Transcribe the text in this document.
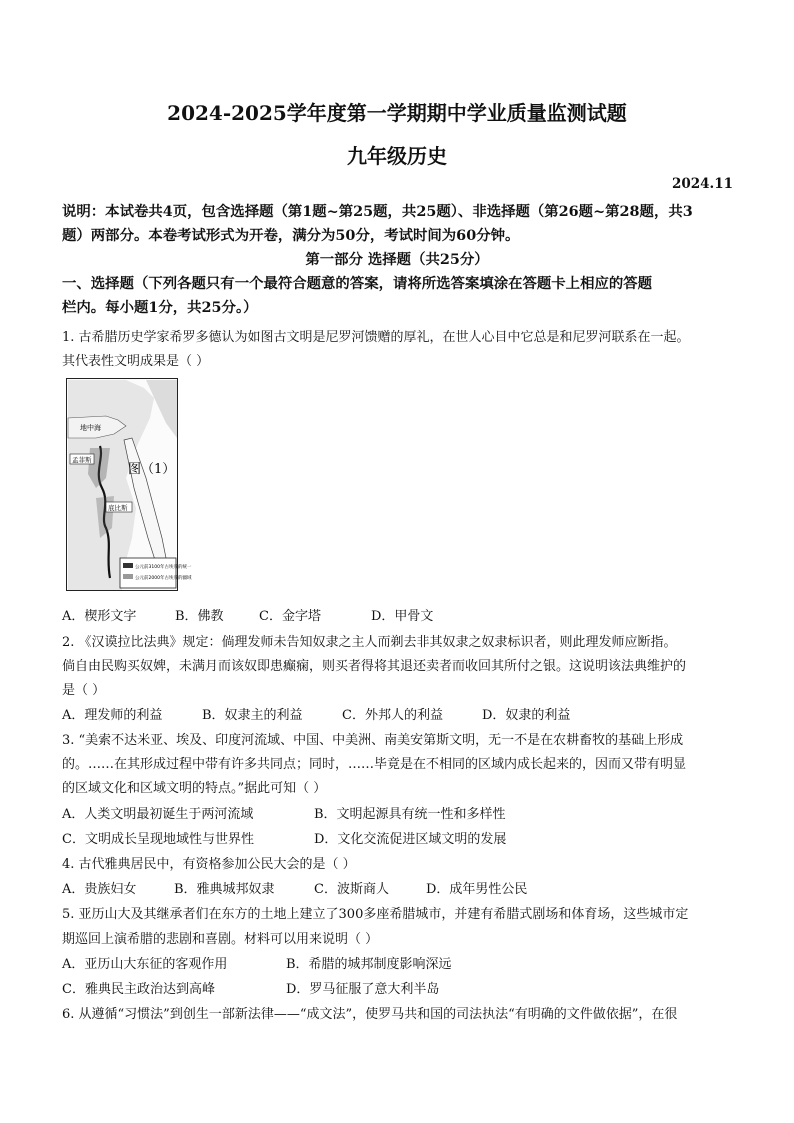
2024-2025学年度第一学期期中学业质量监测试题
九年级历史
2024.11
说明：本试卷共4页，包含选择题（第1题~第25题，共25题）、非选择题（第26题~第28题，共3
题）两部分。本卷考试形式为开卷，满分为50分，考试时间为60分钟。
第一部分 选择题（共25分）
一、选择题（下列各题只有一个最符合题意的答案，请将所选答案填涂在答题卡上相应的答题
栏内。每小题1分，共25分。）
1. 古希腊历史学家希罗多德认为如图古文明是尼罗河馈赠的厚礼，在世人心目中它总是和尼罗河联系在一起。
其代表性文明成果是（ ）
公元前3100年古埃及的统一
公元前2000年古埃及的疆域
地中海
孟菲斯
底比斯
图（1）
A．楔形文字	B．佛教	C．金字塔	D．甲骨文
2. 《汉谟拉比法典》规定：倘理发师未告知奴隶之主人而剃去非其奴隶之奴隶标识者，则此理发师应断指。
倘自由民购买奴婢，未满月而该奴即患癫痫，则买者得将其退还卖者而收回其所付之银。这说明该法典维护的
是（ ）
A．理发师的利益	B．奴隶主的利益	C．外邦人的利益	D．奴隶的利益
3. “美索不达米亚、埃及、印度河流域、中国、中美洲、南美安第斯文明，无一不是在农耕畜牧的基础上形成
的。……在其形成过程中带有许多共同点；同时，……毕竟是在不相同的区域内成长起来的，因而又带有明显
的区域文化和区域文明的特点。”据此可知（ ）
A．人类文明最初诞生于两河流域	B．文明起源具有统一性和多样性
C．文明成长呈现地域性与世界性	D．文化交流促进区域文明的发展
4. 古代雅典居民中，有资格参加公民大会的是（ ）
A．贵族妇女	B．雅典城邦奴隶	C．波斯商人	D．成年男性公民
5. 亚历山大及其继承者们在东方的土地上建立了300多座希腊城市，并建有希腊式剧场和体育场，这些城市定
期巡回上演希腊的悲剧和喜剧。材料可以用来说明（ ）
A．亚历山大东征的客观作用	B．希腊的城邦制度影响深远
C．雅典民主政治达到高峰	D．罗马征服了意大利半岛
6. 从遵循“习惯法”到创生一部新法律——“成文法”，使罗马共和国的司法执法“有明确的文件做依据”，在很
